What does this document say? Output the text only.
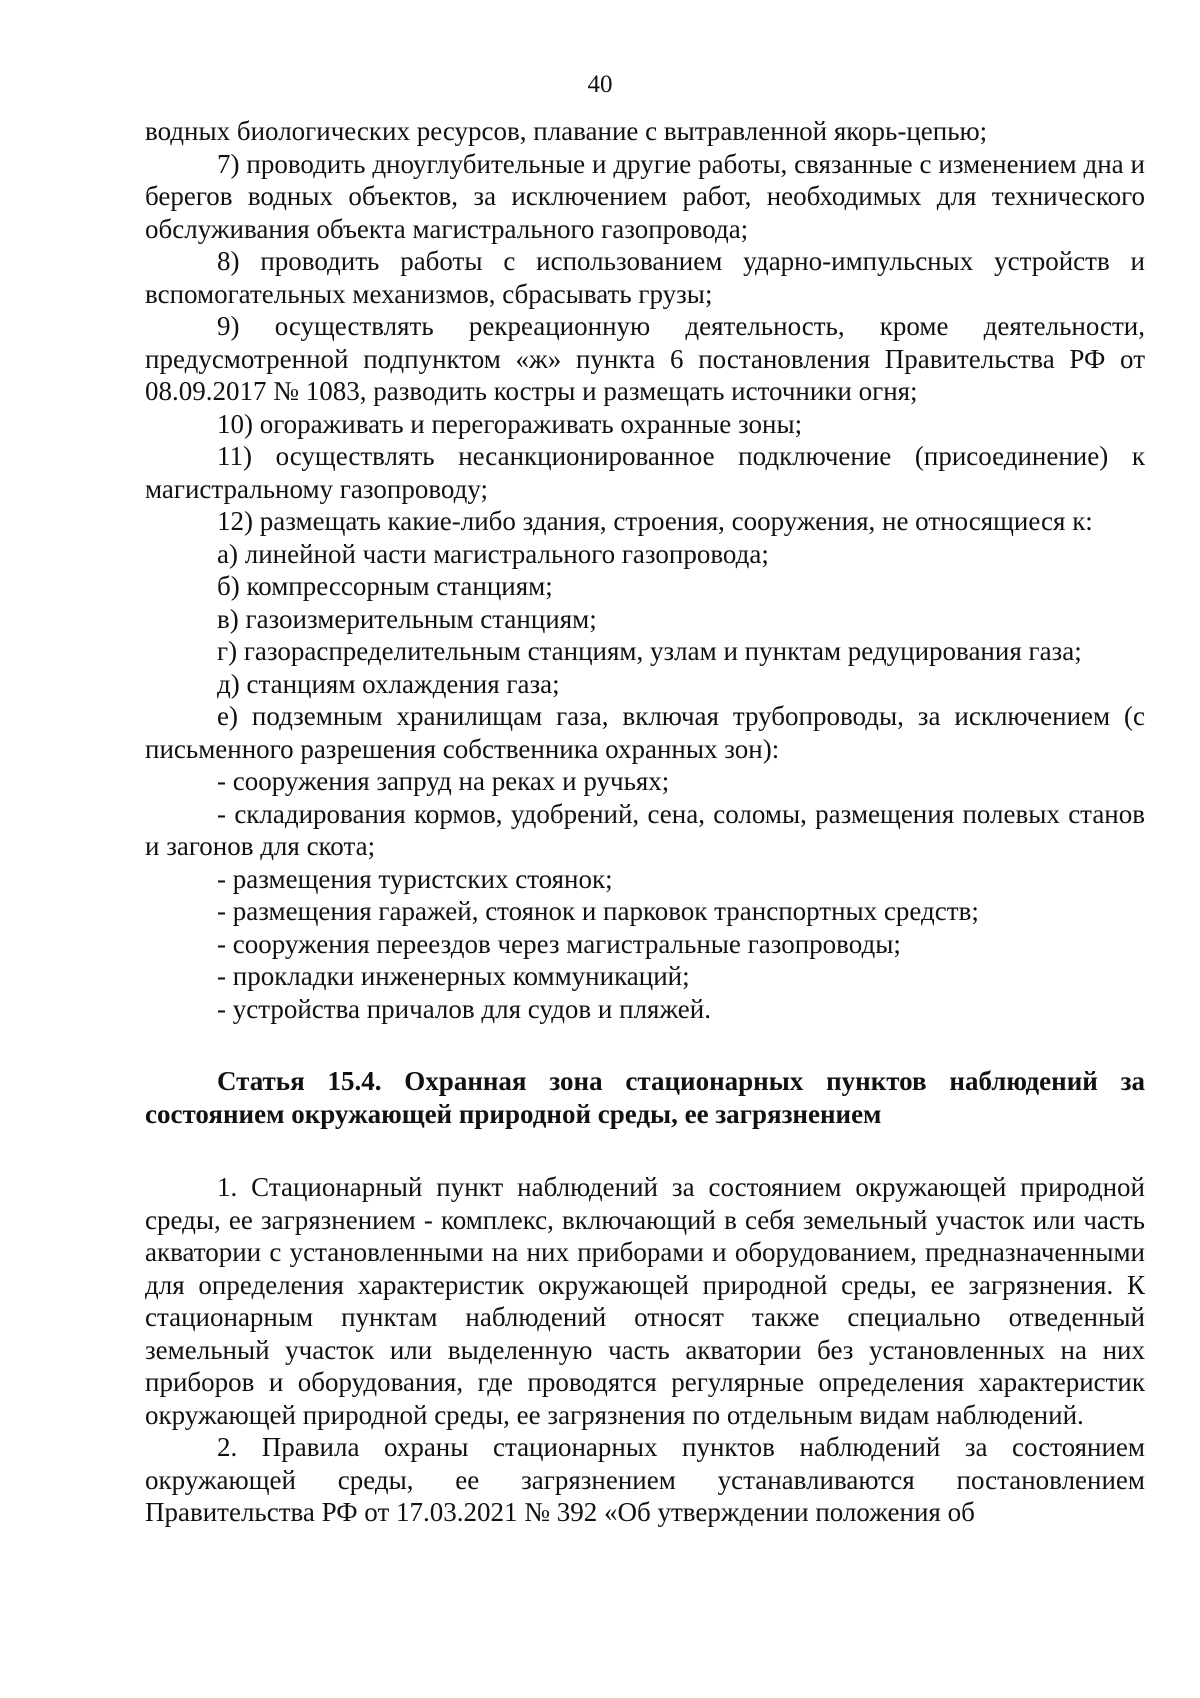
40

водных биологических ресурсов, плавание с вытравленной якорь-цепью;

7) проводить дноуглубительные и другие работы, связанные с изменением дна и берегов водных объектов, за исключением работ, необходимых для технического обслуживания объекта магистрального газопровода;

8) проводить работы с использованием ударно-импульсных устройств и вспомогательных механизмов, сбрасывать грузы;

9) осуществлять рекреационную деятельность, кроме деятельности, предусмотренной подпунктом «ж» пункта 6 постановления Правительства РФ от 08.09.2017 № 1083, разводить костры и размещать источники огня;

10) огораживать и перегораживать охранные зоны;

11) осуществлять несанкционированное подключение (присоединение) к магистральному газопроводу;

12) размещать какие-либо здания, строения, сооружения, не относящиеся к:

а) линейной части магистрального газопровода;

б) компрессорным станциям;

в) газоизмерительным станциям;

г) газораспределительным станциям, узлам и пунктам редуцирования газа;

д) станциям охлаждения газа;

е) подземным хранилищам газа, включая трубопроводы, за исключением (с письменного разрешения собственника охранных зон):

- сооружения запруд на реках и ручьях;

- складирования кормов, удобрений, сена, соломы, размещения полевых станов и загонов для скота;

- размещения туристских стоянок;

- размещения гаражей, стоянок и парковок транспортных средств;

- сооружения переездов через магистральные газопроводы;

- прокладки инженерных коммуникаций;

- устройства причалов для судов и пляжей.

Статья 15.4. Охранная зона стационарных пунктов наблюдений за состоянием окружающей природной среды, ее загрязнением

1. Стационарный пункт наблюдений за состоянием окружающей природной среды, ее загрязнением - комплекс, включающий в себя земельный участок или часть акватории с установленными на них приборами и оборудованием, предназначенными для определения характеристик окружающей природной среды, ее загрязнения. К стационарным пунктам наблюдений относят также специально отведенный земельный участок или выделенную часть акватории без установленных на них приборов и оборудования, где проводятся регулярные определения характеристик окружающей природной среды, ее загрязнения по отдельным видам наблюдений.

2. Правила охраны стационарных пунктов наблюдений за состоянием окружающей среды, ее загрязнением устанавливаются постановлением Правительства РФ от 17.03.2021 № 392 «Об утверждении положения об
